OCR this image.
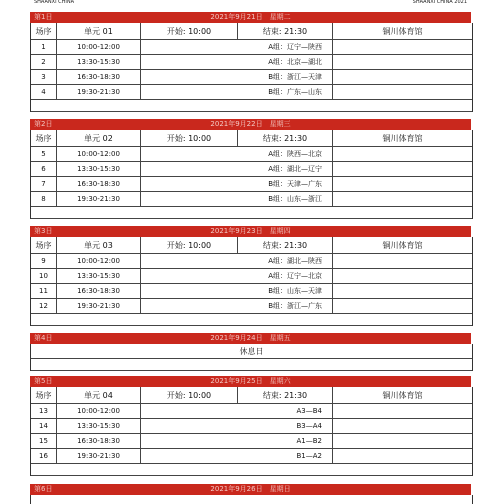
SHAANXI CHINA	SHAANXI CHINA 2021
第1日	2021年9月21日　星期二
场序	单元 01	开始: 10:00	结束: 21:30	铜川体育馆
1	10:00-12:00	A组：辽宁—陕西
2	13:30-15:30	A组：北京—湖北
3	16:30-18:30	B组：浙江—天津
4	19:30-21:30	B组：广东—山东
第2日	2021年9月22日　星期三
场序	单元 02	开始: 10:00	结束: 21:30	铜川体育馆
5	10:00-12:00	A组：陕西—北京
6	13:30-15:30	A组：湖北—辽宁
7	16:30-18:30	B组：天津—广东
8	19:30-21:30	B组：山东—浙江
第3日	2021年9月23日　星期四
场序	单元 03	开始: 10:00	结束: 21:30	铜川体育馆
9	10:00-12:00	A组：湖北—陕西
10	13:30-15:30	A组：辽宁—北京
11	16:30-18:30	B组：山东—天津
12	19:30-21:30	B组：浙江—广东
第4日	2021年9月24日　星期五
休息日
第5日	2021年9月25日　星期六
场序	单元 04	开始: 10:00	结束: 21:30	铜川体育馆
13	10:00-12:00	A3—B4
14	13:30-15:30	B3—A4
15	16:30-18:30	A1—B2
16	19:30-21:30	B1—A2
第6日	2021年9月26日　星期日
